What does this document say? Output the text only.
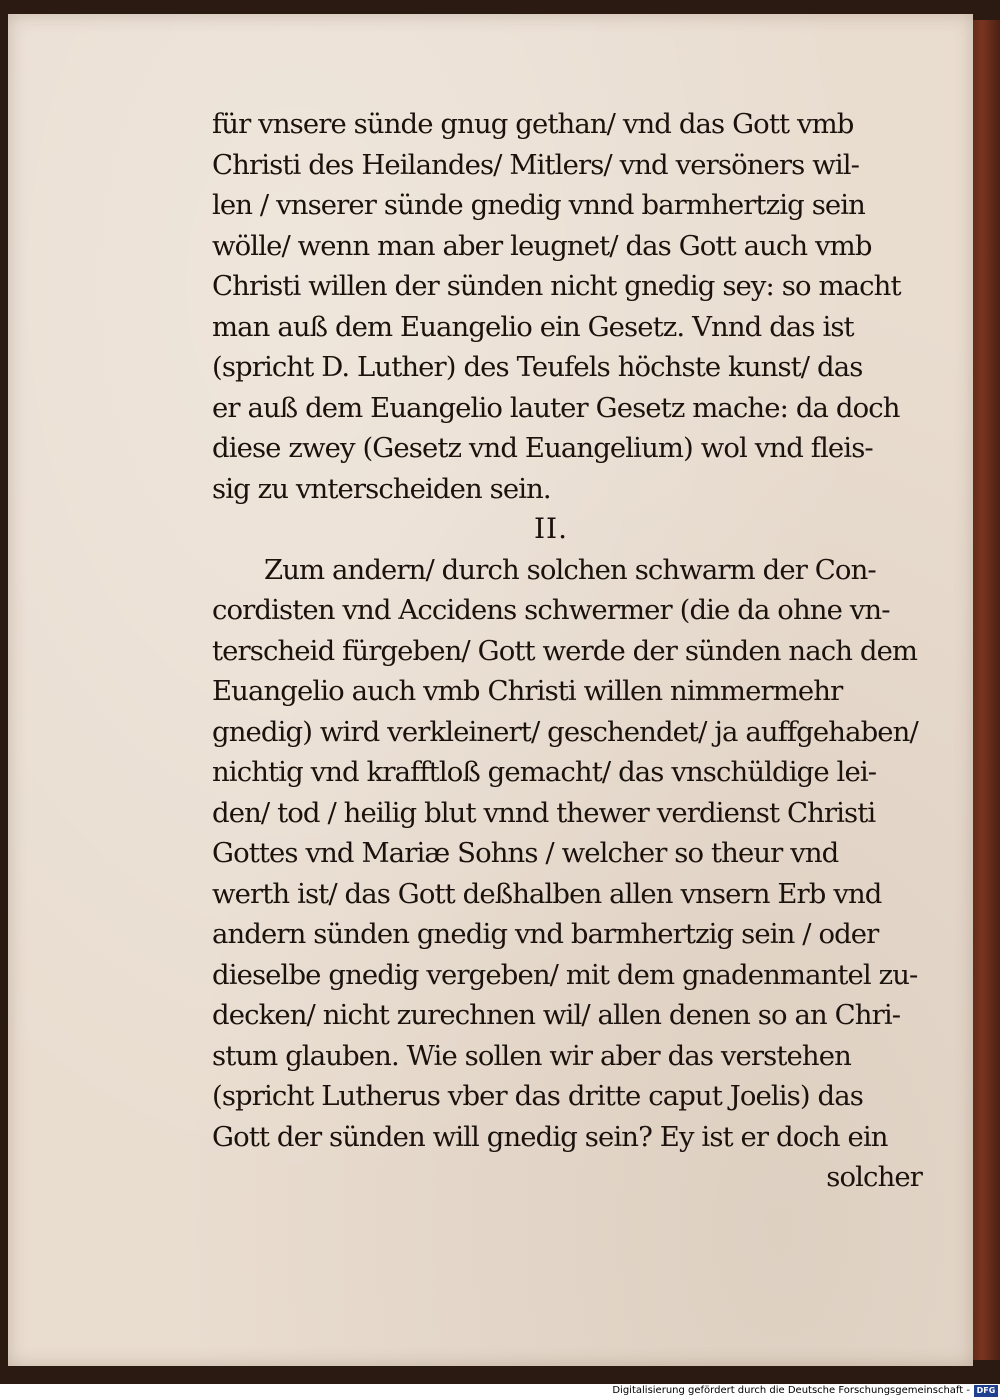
für vnsere sünde gnug gethan/ vnd das Gott vmb
Christi des Heilandes/ Mitlers/ vnd versöners wil-
len / vnserer sünde gnedig vnnd barmhertzig sein
wölle/ wenn man aber leugnet/ das Gott auch vmb
Christi willen der sünden nicht gnedig sey: so macht
man auß dem Euangelio ein Gesetz. Vnnd das ist
(spricht D. Luther) des Teufels höchste kunst/ das
er auß dem Euangelio lauter Gesetz mache: da doch
diese zwey (Gesetz vnd Euangelium) wol vnd fleis-
sig zu vnterscheiden sein.
II.
Zum andern/ durch solchen schwarm der Con-
cordisten vnd Accidens schwermer (die da ohne vn-
terscheid fürgeben/ Gott werde der sünden nach dem
Euangelio auch vmb Christi willen nimmermehr
gnedig) wird verkleinert/ geschendet/ ja auffgehaben/
nichtig vnd krafftloß gemacht/ das vnschüldige lei-
den/ tod / heilig blut vnnd thewer verdienst Christi
Gottes vnd Mariæ Sohns / welcher so theur vnd
werth ist/ das Gott deßhalben allen vnsern Erb vnd
andern sünden gnedig vnd barmhertzig sein / oder
dieselbe gnedig vergeben/ mit dem gnadenmantel zu-
decken/ nicht zurechnen wil/ allen denen so an Chri-
stum glauben. Wie sollen wir aber das verstehen
(spricht Lutherus vber das dritte caput Joelis) das
Gott der sünden will gnedig sein? Ey ist er doch ein
solcher
Digitalisierung gefördert durch die Deutsche Forschungsgemeinschaft - DFG
